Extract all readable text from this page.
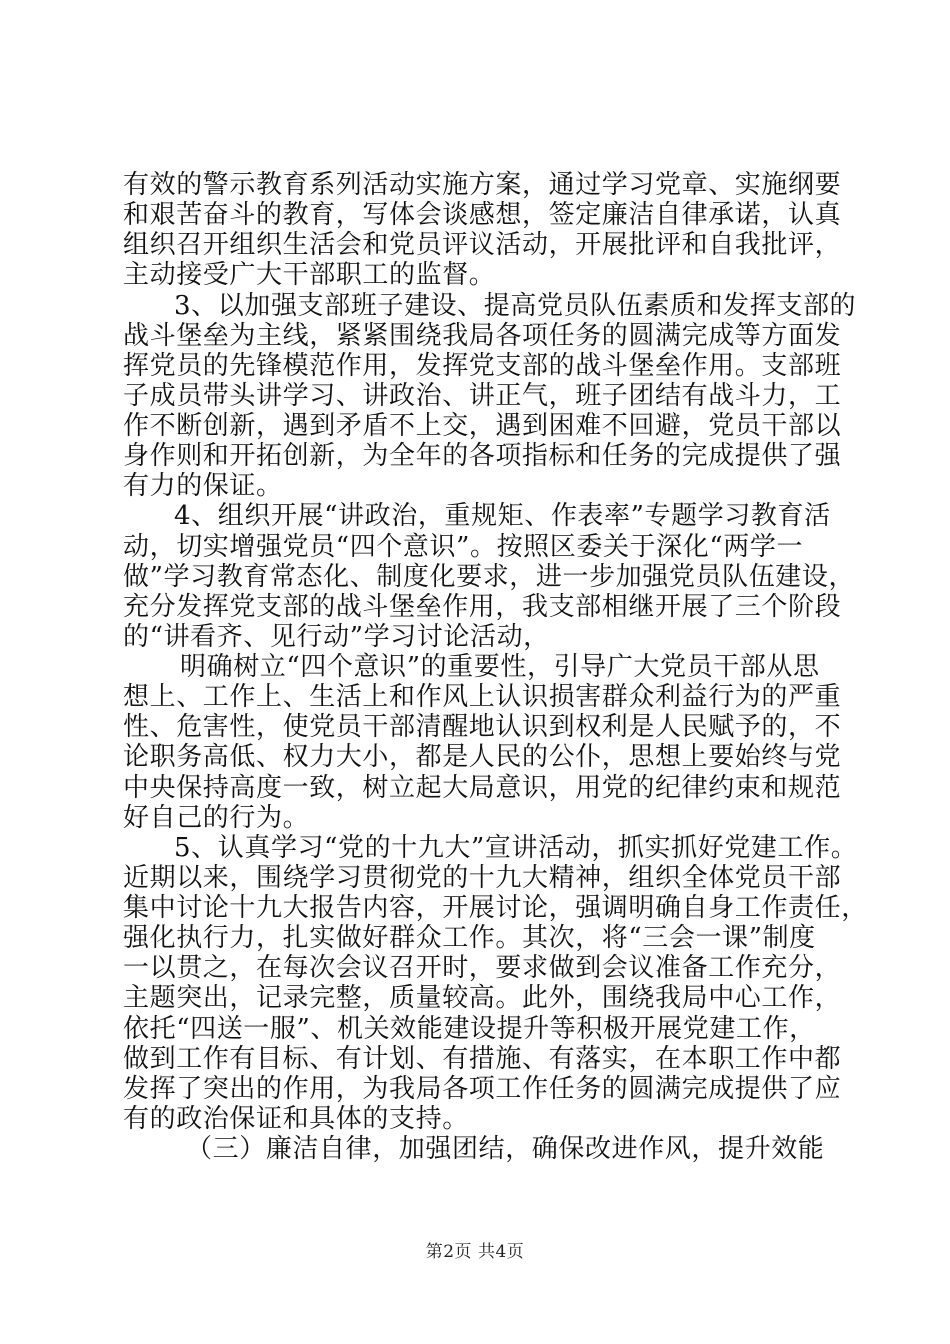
有效的警示教育系列活动实施方案，通过学习党章、实施纲要
和艰苦奋斗的教育，写体会谈感想，签定廉洁自律承诺，认真
组织召开组织生活会和党员评议活动，开展批评和自我批评，
主动接受广大干部职工的监督。
3、以加强支部班子建设、提高党员队伍素质和发挥支部的
战斗堡垒为主线，紧紧围绕我局各项任务的圆满完成等方面发
挥党员的先锋模范作用，发挥党支部的战斗堡垒作用。支部班
子成员带头讲学习、讲政治、讲正气，班子团结有战斗力，工
作不断创新，遇到矛盾不上交，遇到困难不回避，党员干部以
身作则和开拓创新，为全年的各项指标和任务的完成提供了强
有力的保证。
4、组织开展“讲政治，重规矩、作表率”专题学习教育活
动，切实增强党员“四个意识”。按照区委关于深化“两学一
做”学习教育常态化、制度化要求，进一步加强党员队伍建设，
充分发挥党支部的战斗堡垒作用，我支部相继开展了三个阶段
的“讲看齐、见行动”学习讨论活动，
明确树立“四个意识”的重要性，引导广大党员干部从思
想上、工作上、生活上和作风上认识损害群众利益行为的严重
性、危害性，使党员干部清醒地认识到权利是人民赋予的，不
论职务高低、权力大小，都是人民的公仆，思想上要始终与党
中央保持高度一致，树立起大局意识，用党的纪律约束和规范
好自己的行为。
5、认真学习“党的十九大”宣讲活动，抓实抓好党建工作。
近期以来，围绕学习贯彻党的十九大精神，组织全体党员干部
集中讨论十九大报告内容，开展讨论，强调明确自身工作责任，
强化执行力，扎实做好群众工作。其次，将“三会一课”制度
一以贯之，在每次会议召开时，要求做到会议准备工作充分，
主题突出，记录完整，质量较高。此外，围绕我局中心工作，
依托“四送一服”、机关效能建设提升等积极开展党建工作，
做到工作有目标、有计划、有措施、有落实，在本职工作中都
发挥了突出的作用，为我局各项工作任务的圆满完成提供了应
有的政治保证和具体的支持。
（三）廉洁自律，加强团结，确保改进作风，提升效能
第2页 共4页
